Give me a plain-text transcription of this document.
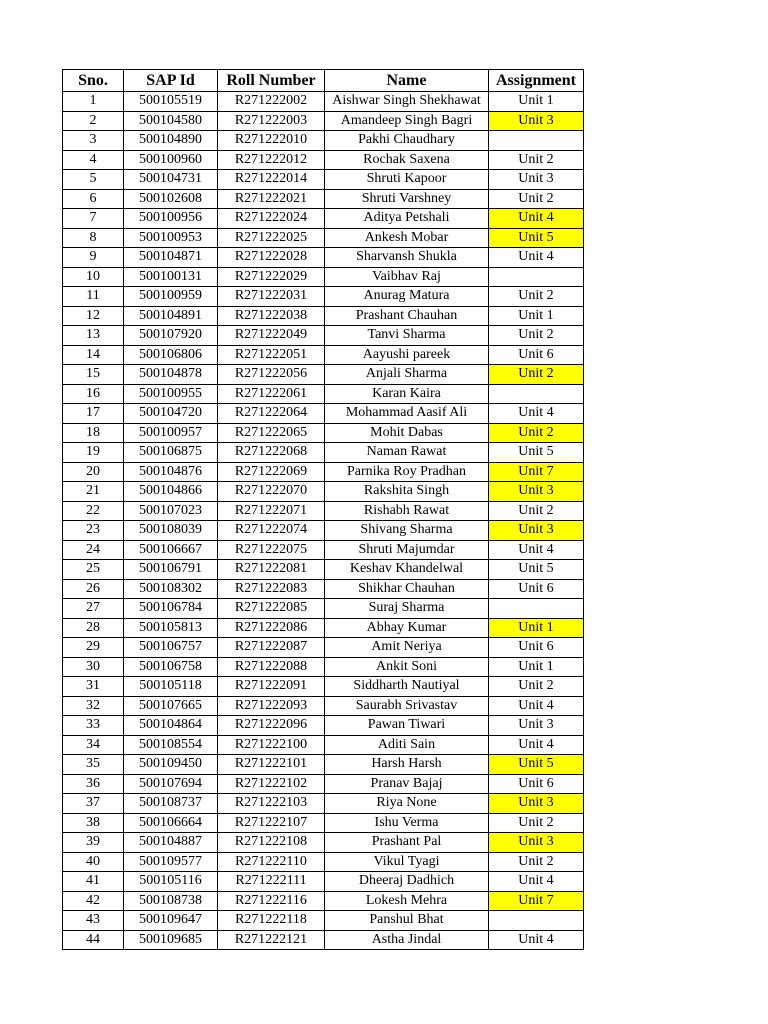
Sno.	SAP Id	Roll Number	Name	Assignment
1	500105519	R271222002	Aishwar Singh Shekhawat	Unit 1
2	500104580	R271222003	Amandeep Singh Bagri	Unit 3
3	500104890	R271222010	Pakhi Chaudhary	
4	500100960	R271222012	Rochak Saxena	Unit 2
5	500104731	R271222014	Shruti Kapoor	Unit 3
6	500102608	R271222021	Shruti Varshney	Unit 2
7	500100956	R271222024	Aditya Petshali	Unit 4
8	500100953	R271222025	Ankesh Mobar	Unit 5
9	500104871	R271222028	Sharvansh Shukla	Unit 4
10	500100131	R271222029	Vaibhav Raj	
11	500100959	R271222031	Anurag Matura	Unit 2
12	500104891	R271222038	Prashant Chauhan	Unit 1
13	500107920	R271222049	Tanvi Sharma	Unit 2
14	500106806	R271222051	Aayushi pareek	Unit 6
15	500104878	R271222056	Anjali Sharma	Unit 2
16	500100955	R271222061	Karan Kaira	
17	500104720	R271222064	Mohammad Aasif Ali	Unit 4
18	500100957	R271222065	Mohit Dabas	Unit 2
19	500106875	R271222068	Naman Rawat	Unit 5
20	500104876	R271222069	Parnika Roy Pradhan	Unit 7
21	500104866	R271222070	Rakshita Singh	Unit 3
22	500107023	R271222071	Rishabh Rawat	Unit 2
23	500108039	R271222074	Shivang Sharma	Unit 3
24	500106667	R271222075	Shruti Majumdar	Unit 4
25	500106791	R271222081	Keshav Khandelwal	Unit 5
26	500108302	R271222083	Shikhar Chauhan	Unit 6
27	500106784	R271222085	Suraj Sharma	
28	500105813	R271222086	Abhay Kumar	Unit 1
29	500106757	R271222087	Amit Neriya	Unit 6
30	500106758	R271222088	Ankit Soni	Unit 1
31	500105118	R271222091	Siddharth Nautiyal	Unit 2
32	500107665	R271222093	Saurabh Srivastav	Unit 4
33	500104864	R271222096	Pawan Tiwari	Unit 3
34	500108554	R271222100	Aditi Sain	Unit 4
35	500109450	R271222101	Harsh Harsh	Unit 5
36	500107694	R271222102	Pranav Bajaj	Unit 6
37	500108737	R271222103	Riya None	Unit 3
38	500106664	R271222107	Ishu Verma	Unit 2
39	500104887	R271222108	Prashant Pal	Unit 3
40	500109577	R271222110	Vikul Tyagi	Unit 2
41	500105116	R271222111	Dheeraj Dadhich	Unit 4
42	500108738	R271222116	Lokesh Mehra	Unit 7
43	500109647	R271222118	Panshul Bhat	
44	500109685	R271222121	Astha Jindal	Unit 4
